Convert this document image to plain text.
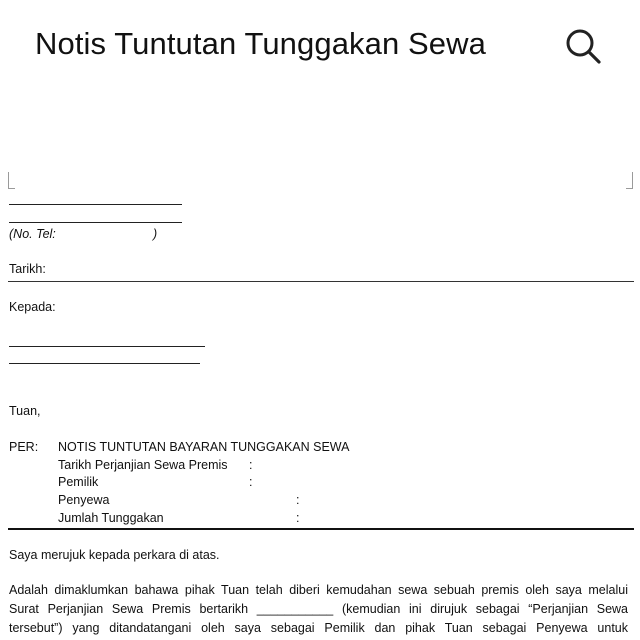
Notis Tuntutan Tunggakan Sewa
(No. Tel:	)
Tarikh:
Kepada:
Tuan,
PER: NOTIS TUNTUTAN BAYARAN TUNGGAKAN SEWA
Tarikh Perjanjian Sewa Premis :
Pemilik	:
Penyewa	:
Jumlah Tunggakan	:
Saya merujuk kepada perkara di atas.
Adalah dimaklumkan bahawa pihak Tuan telah diberi kemudahan sewa sebuah premis oleh saya melalui
Surat Perjanjian Sewa Premis bertarikh ___________ (kemudian ini dirujuk sebagai “Perjanjian Sewa
tersebut”) yang ditandatangani oleh saya sebagai Pemilik dan pihak Tuan sebagai Penyewa untuk
